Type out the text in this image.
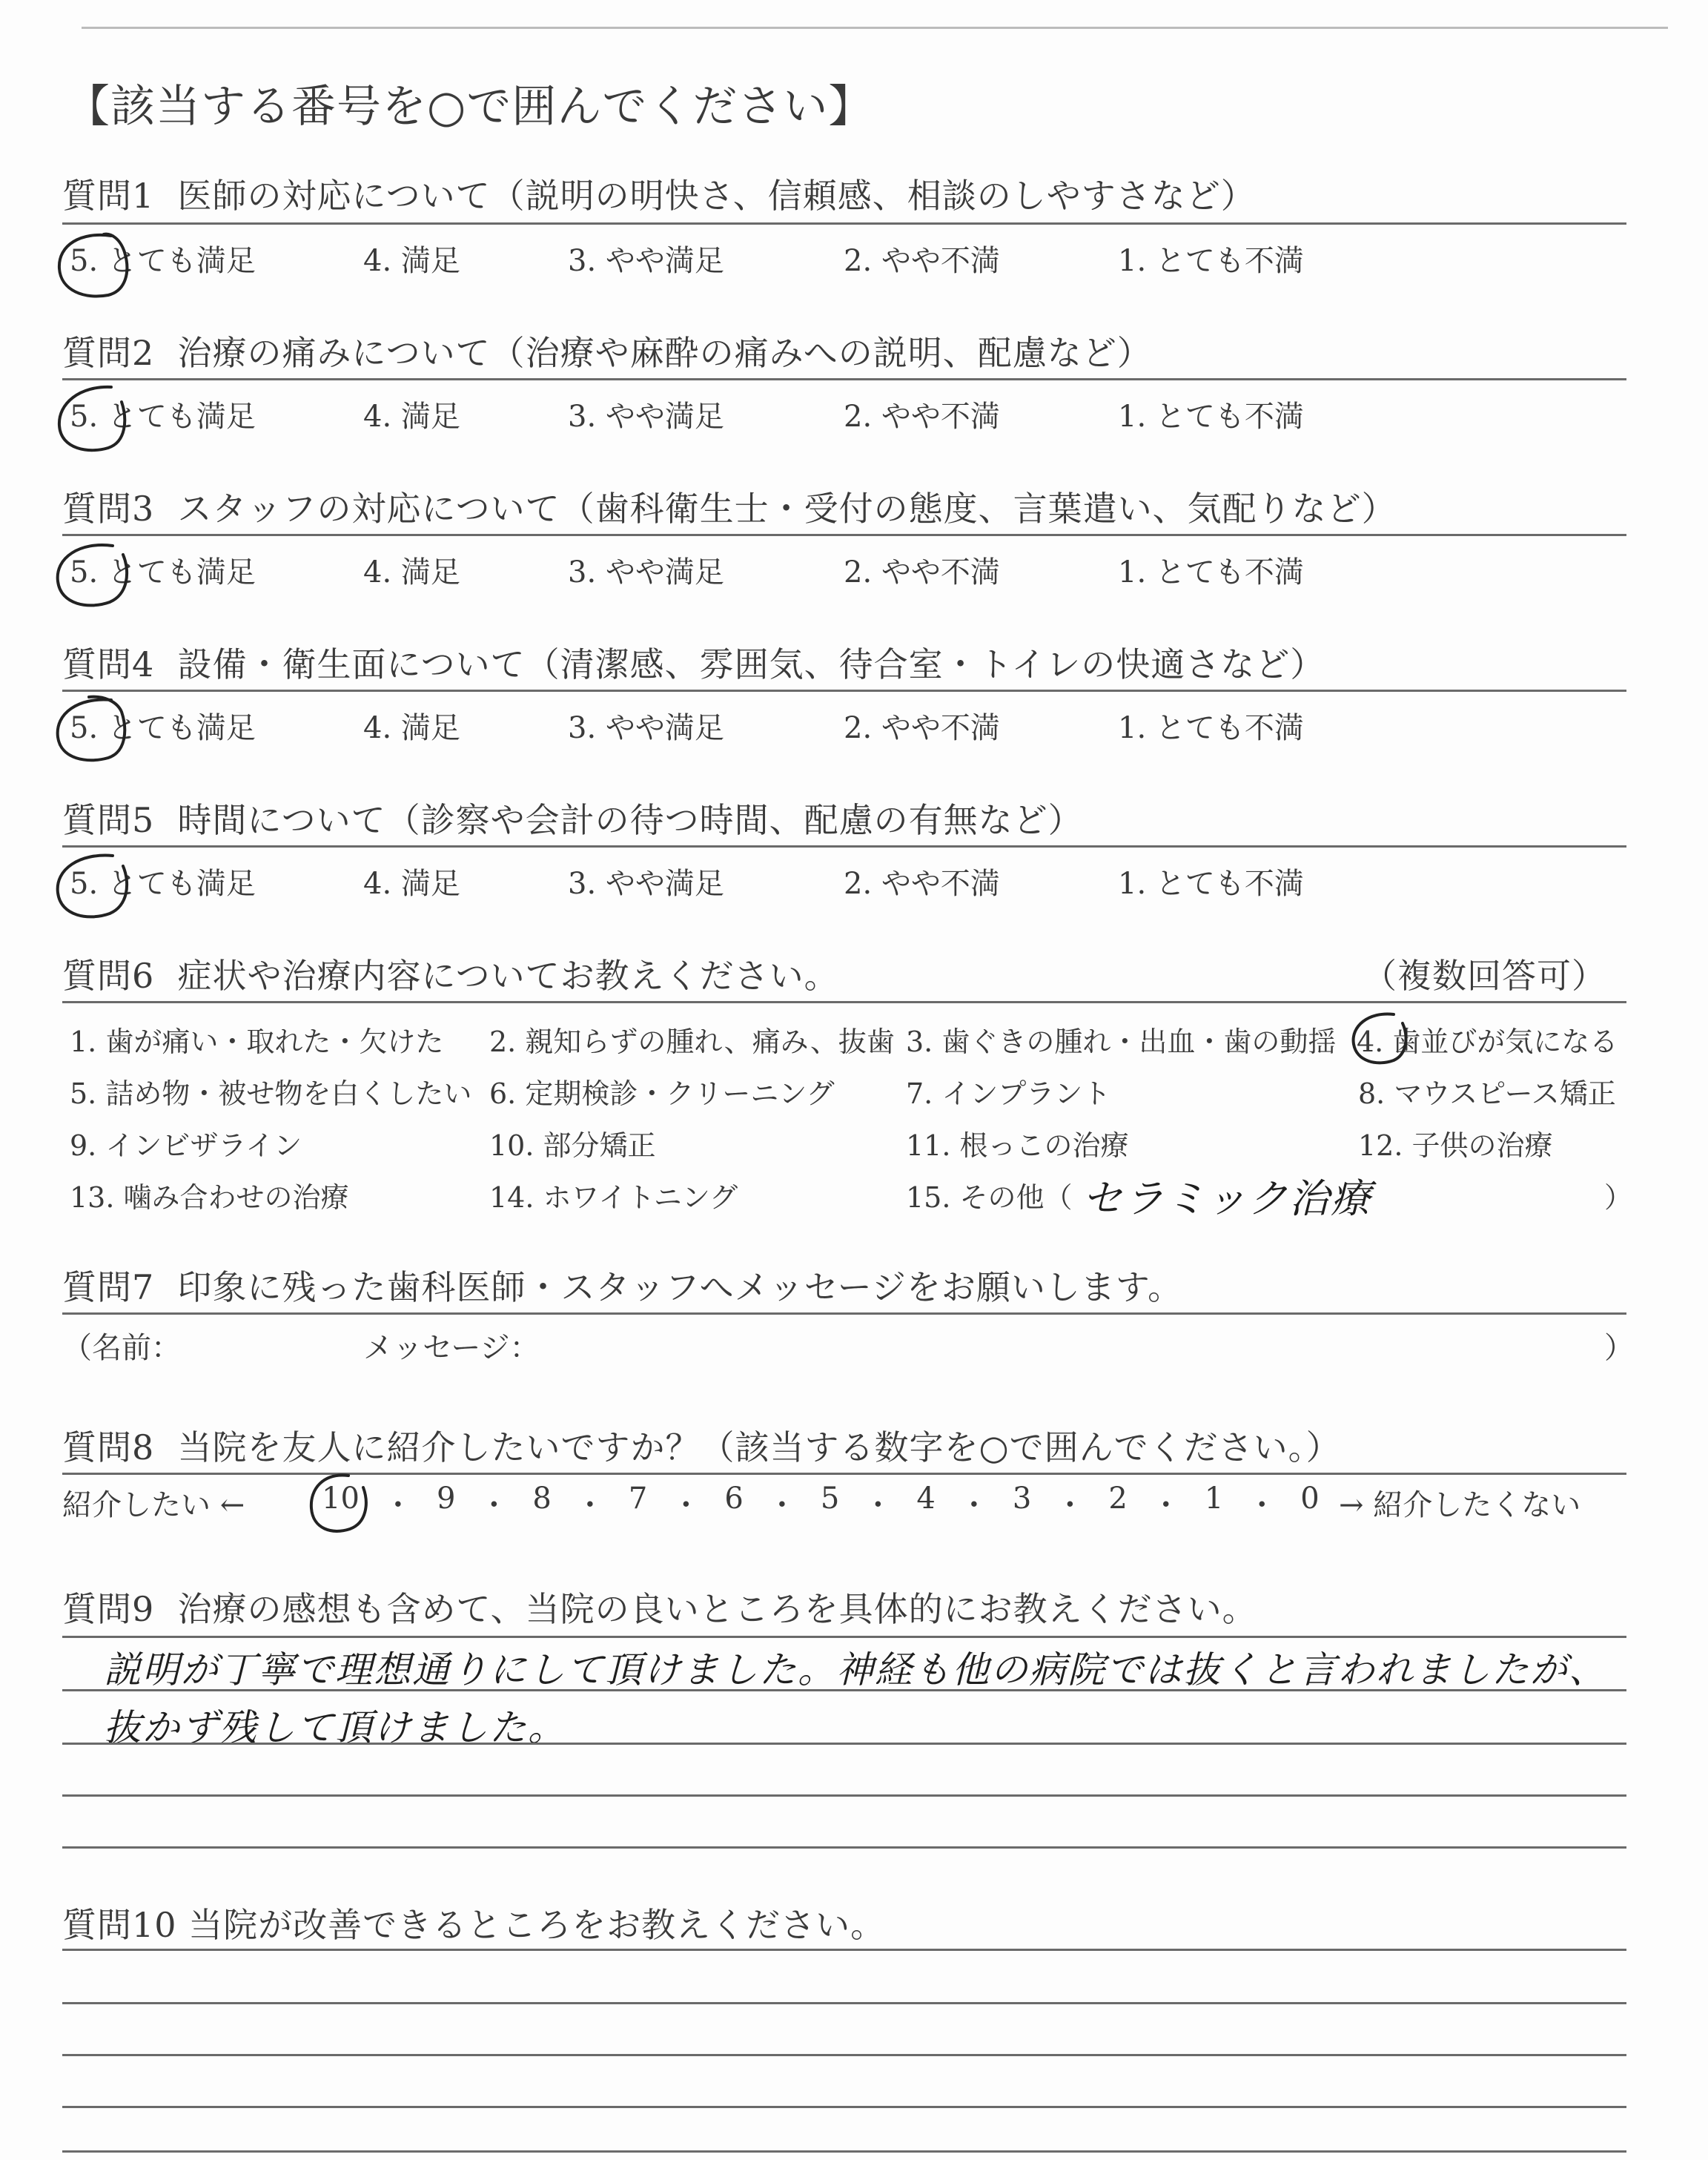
【該当する番号を○で囲んでください】
質問1 医師の対応について（説明の明快さ、信頼感、相談のしやすさなど）
5. とても満足	4. 満足	3. やや満足	2. やや不満	1. とても不満
質問2 治療の痛みについて（治療や麻酔の痛みへの説明、配慮など）
5. とても満足	4. 満足	3. やや満足	2. やや不満	1. とても不満
質問3 スタッフの対応について（歯科衛生士・受付の態度、言葉遣い、気配りなど）
5. とても満足	4. 満足	3. やや満足	2. やや不満	1. とても不満
質問4 設備・衛生面について（清潔感、雰囲気、待合室・トイレの快適さなど）
5. とても満足	4. 満足	3. やや満足	2. やや不満	1. とても不満
質問5 時間について（診察や会計の待つ時間、配慮の有無など）
5. とても満足	4. 満足	3. やや満足	2. やや不満	1. とても不満
質問6 症状や治療内容についてお教えください。	（複数回答可）
1. 歯が痛い・取れた・欠けた 2. 親知らずの腫れ、痛み、抜歯 3. 歯ぐきの腫れ・出血・歯の動揺 4. 歯並びが気になる
5. 詰め物・被せ物を白くしたい 6. 定期検診・クリーニング	7. インプラント	8. マウスピース矯正
9. インビザライン	10. 部分矯正	11. 根っこの治療	12. 子供の治療
13. 噛み合わせの治療	14. ホワイトニング	15. その他（ セラミック治療	）
質問7 印象に残った歯科医師・スタッフへメッセージをお願いします。
（名前：	メッセージ：	）
質問8 当院を友人に紹介したいですか？（該当する数字を○で囲んでください。）
紹介したい ←	10 ・ 9 ・ 8 ・ 7 ・ 6 ・ 5 ・ 4 ・ 3 ・ 2 ・ 1 ・ 0 → 紹介したくない
質問9 治療の感想も含めて、当院の良いところを具体的にお教えください。
説明が丁寧で理想通りにして頂けました。神経も他の病院では抜くと言われましたが、
抜かず残して頂けました。
質問10 当院が改善できるところをお教えください。
